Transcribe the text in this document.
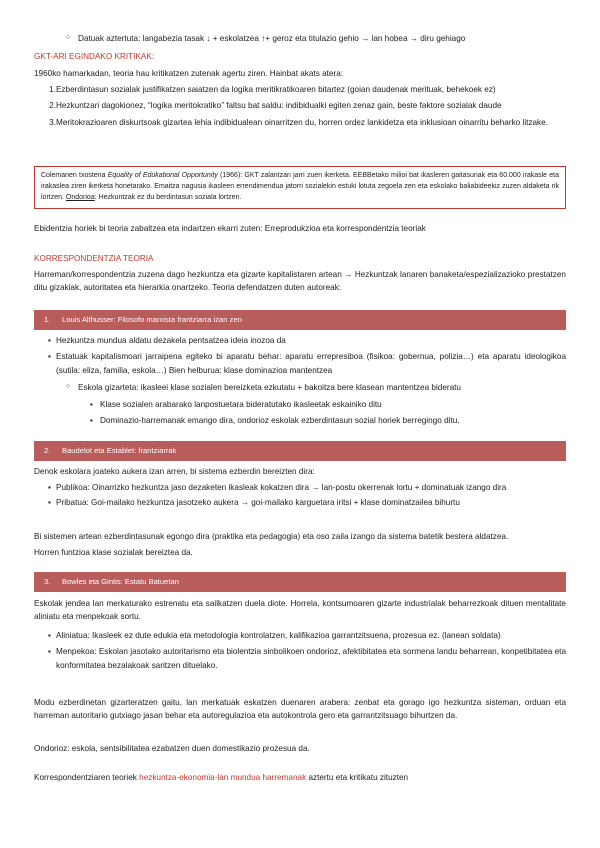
○ Datuak aztertuta: langabezia tasak ↓ + eskolatzea ↑+ geroz eta titulazio gehio → lan hobea → diru gehiago
GKT-ARI EGINDAKO KRITIKAK:
1960ko hamarkadan, teoria hau kritikatzen zutenak agertu ziren. Hainbat akats atera:
1. Ezberdintasun sozialak justifikatzen saiatzen da logika meritikratikoaren bitartez (goian daudenak merituak, behekoek ez)
2. Hezkuntzari dagokionez, “logika meritokratiko” faltsu bat saldu: indibidualki egiten zenaz gain, beste faktore sozialak daude
3. Meritokrazioaren diskurtsoak gizartea lehia indibidualean oinarritzen du, horren ordez lankidetza eta inklusioan oinarritu beharko litzake.
Colemanen txostena Equality of Edukational Opportunity (1966): GKT zalantzan jarri zuen ikerketa. EEBBetako milioi bat ikasleren gaitasunak eta 60.000 irakasle eta irakaslea ziren ikerketa honetarako. Emaitza nagusia ikasleen errendimendua jatorri sozialekin estuki lotuta zegoela zen eta eskolako baliabideekiz zuzen aldaketa rik lortzen. Ondorioa: Hezkuntzak ez du berdintasun soziala lortzen.
Ebidentzia horiek bi teoria zabaltzea eta indartzen ekarri zuten: Erreprodukzioa eta korrespondentzia teoriak
KORRESPONDENTZIA TEORIA

Harreman/korrespondentzia zuzena dago hezkuntza eta gizarte kapitalistaren artean → Hezkuntzak lanaren banaketa/espezializazioko prestatzen ditu gizakiak, autoritatea eta hierarkia onartzeko. Teoria defendatzen duten autoreak:

1. Louis Althusser: Filosofo marxista frantziarra izan zen
▪ Hezkuntza mundua aldatu dezakela pentsatzea ideia inozoa da
▪ Estatuak kapitalismoari jarraipena egiteko bi aparatu behar: aparatu errepresiboa (fisikoa: gobernua, polizia…) eta aparatu ideologikoa (sutila: eliza, familia, eskola…) Bien helburua: klase dominazioa mantentzea
○ Eskola gizarteta: ikasleei klase sozialen bereizketa ezkutatu + bakoitza bere klasean mantentzea bideratu
▪ Klase sozialen arabarako lanpostuetara bideratutako ikasleetak eskainiko ditu
▪ Dominazio-harremanak emango dira, ondorioz eskolak ezberdintasun sozial horiek berregingo ditu.
2. Baudelot eta Establet: frantziarrak
Denok eskolara joateko aukera izan arren, bi sistema ezberdin bereizten dira:
▪ Publikoa: Oinarrizko hezkuntza jaso dezaketen ikasleak kokatzen dira → lan-postu okerrenak lortu + dominatuak izango dira
▪ Pribatua: Goi-mailako hezkuntza jasotzeko aukera → goi-mailako karguetara iritsi + klase dominatzailea bihurtu

Bi sistemen artean ezberdintasunak egongo dira (praktika eta pedagogia) eta oso zaila izango da sistema batetik bestera aldatzea.

Horren funtzioa klase sozialak bereiztea da.

3. Bowles eta Gintis: Estatu Batuetan

Eskolak jendea lan merkaturako estrenatu eta sailkatzen duela diote. Horrela, kontsumoaren gizarte industrialak beharrezkoak dituen mentalitate aliniatu eta menpekoak sortu.

▪ Aliniatua: Ikasleek ez dute edukia eta metodologia kontrolatzen, kalifikazioa garrantzitsuena, prozesua ez. (lanean soldata)
▪ Menpekoa: Eskolan jasotako autoritarismo eta biolentzia sinbolikoen ondorioz, afektibitatea eta sormena landu beharrean, konpetibitatea eta konformitatea bezalakoak saritzen dituelako.

Modu ezberdinetan gizarteratzen gaitu, lan merkatuak eskatzen duenaren arabera: zenbat eta gorago igo hezkuntza sisteman, orduan eta harreman autoritario gutxiago jasan behar eta autoregulazioa eta autokontrola gero eta garrantzitsuago bihurtzen da.

Ondorioz: eskola, sentsibilitatea ezabatzen duen domestikazio prozesua da.

Korrespondentziaren teoriek hezkuntza-ekonomia-lan mundua harremanak aztertu eta kritikatu zituzten
